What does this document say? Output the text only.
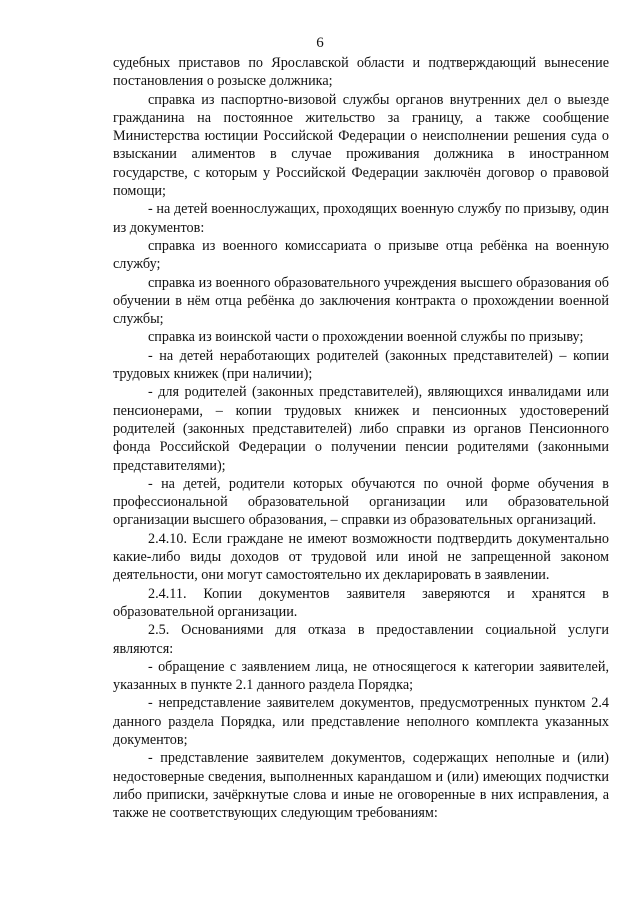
6

судебных приставов по Ярославской области и подтверждающий вынесение постановления о розыске должника;

справка из паспортно-визовой службы органов внутренних дел о выезде гражданина на постоянное жительство за границу, а также сообщение Министерства юстиции Российской Федерации о неисполнении решения суда о взыскании алиментов в случае проживания должника в иностранном государстве, с которым у Российской Федерации заключён договор о правовой помощи;

- на детей военнослужащих, проходящих военную службу по призыву, один из документов:

справка из военного комиссариата о призыве отца ребёнка на военную службу;

справка из военного образовательного учреждения высшего образования об обучении в нём отца ребёнка до заключения контракта о прохождении военной службы;

справка из воинской части о прохождении военной службы по призыву;

- на детей неработающих родителей (законных представителей) – копии трудовых книжек (при наличии);

- для родителей (законных представителей), являющихся инвалидами или пенсионерами, – копии трудовых книжек и пенсионных удостоверений родителей (законных представителей) либо справки из органов Пенсионного фонда Российской Федерации о получении пенсии родителями (законными представителями);

- на детей, родители которых обучаются по очной форме обучения в профессиональной образовательной организации или образовательной организации высшего образования, – справки из образовательных организаций.

2.4.10. Если граждане не имеют возможности подтвердить документально какие-либо виды доходов от трудовой или иной не запрещенной законом деятельности, они могут самостоятельно их декларировать в заявлении.

2.4.11. Копии документов заявителя заверяются и хранятся в образовательной организации.

2.5. Основаниями для отказа в предоставлении социальной услуги являются:

- обращение с заявлением лица, не относящегося к категории заявителей, указанных в пункте 2.1 данного раздела Порядка;

- непредставление заявителем документов, предусмотренных пунктом 2.4 данного раздела Порядка, или представление неполного комплекта указанных документов;

- представление заявителем документов, содержащих неполные и (или) недостоверные сведения, выполненных карандашом и (или) имеющих подчистки либо приписки, зачёркнутые слова и иные не оговоренные в них исправления, а также не соответствующих следующим требованиям:
